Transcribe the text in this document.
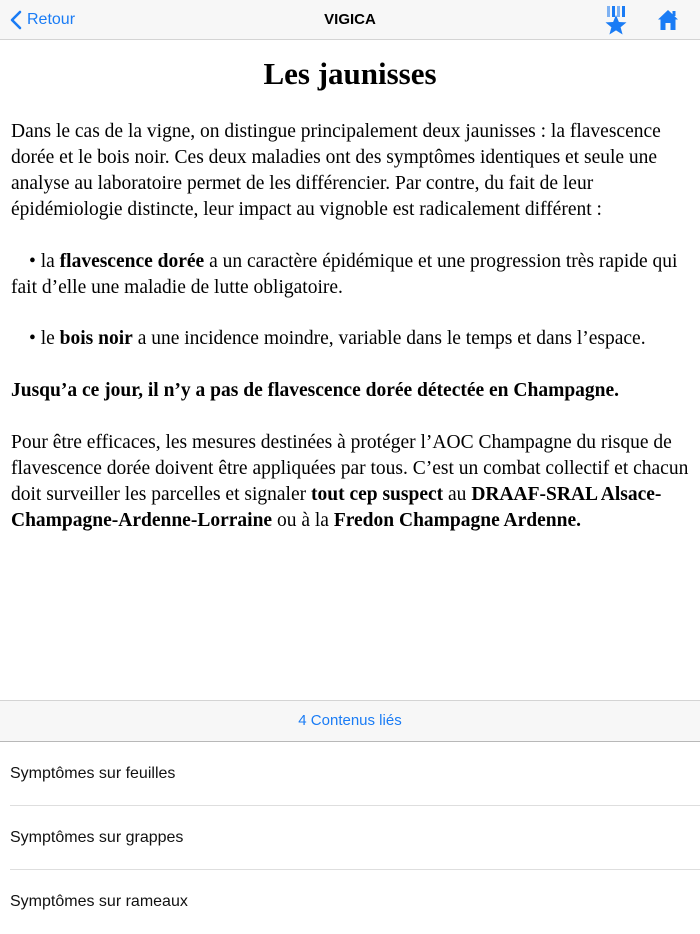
Retour	VIGICA
Les jaunisses

Dans le cas de la vigne, on distingue principalement deux jaunisses : la flavescence dorée et le bois noir. Ces deux maladies ont des symptômes identiques et seule une analyse au laboratoire permet de les différencier. Par contre, du fait de leur épidémiologie distincte, leur impact au vignoble est radicalement différent :

• la flavescence dorée a un caractère épidémique et une progression très rapide qui fait d’elle une maladie de lutte obligatoire.

• le bois noir a une incidence moindre, variable dans le temps et dans l’espace.

Jusqu’a ce jour, il n’y a pas de flavescence dorée détectée en Champagne.

Pour être efficaces, les mesures destinées à protéger l’AOC Champagne du risque de flavescence dorée doivent être appliquées par tous. C’est un combat collectif et chacun doit surveiller les parcelles et signaler tout cep suspect au DRAAF-SRAL Alsace-Champagne-Ardenne-Lorraine ou à la Fredon Champagne Ardenne.

4 Contenus liés
Symptômes sur feuilles
Symptômes sur grappes
Symptômes sur rameaux
